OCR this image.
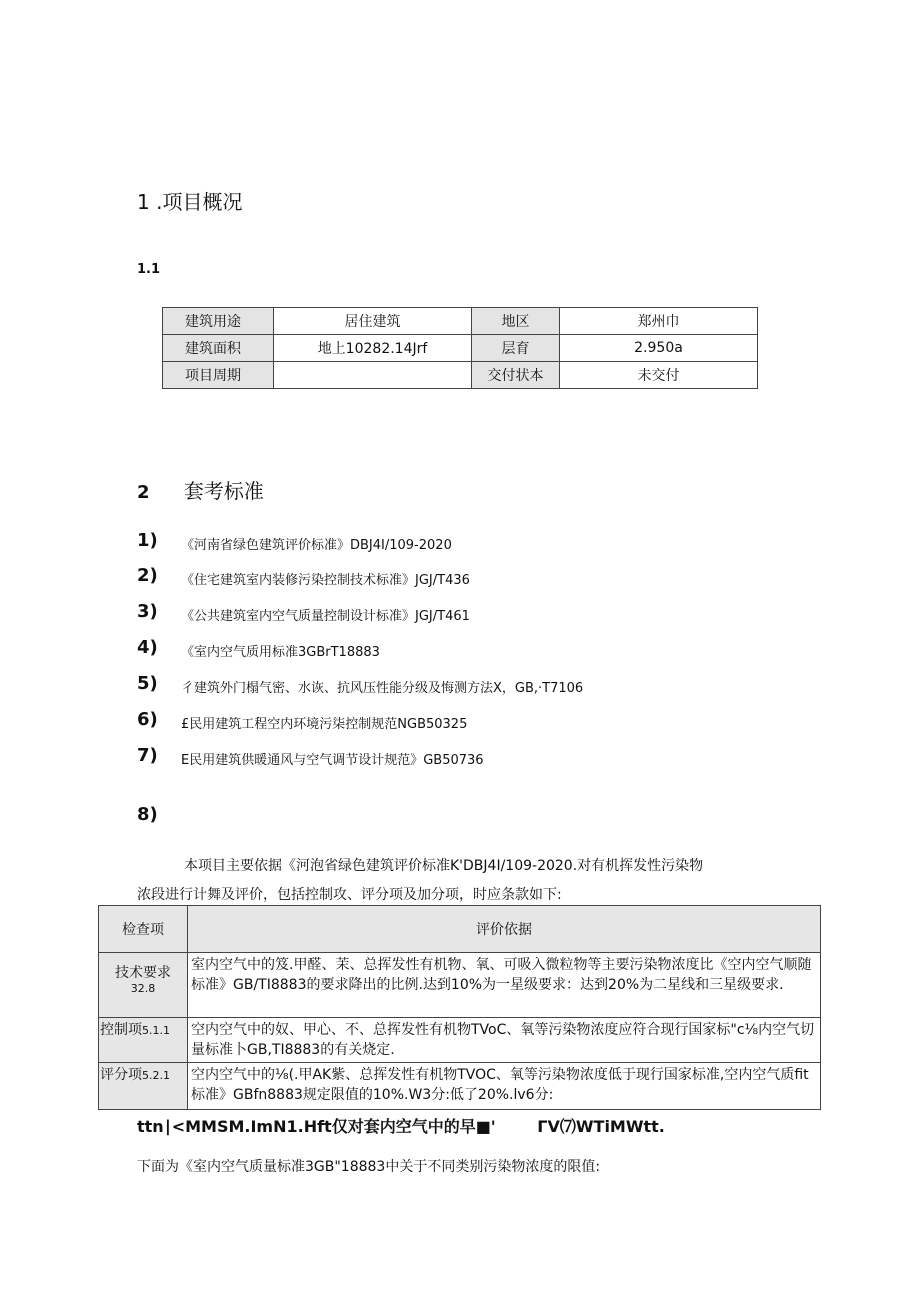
1 .项目概况
1.1
建筑用途	居住建筑	地区	郑州巾
建筑面积	地上10282.14Jrf	层育	2.950a
项目周期		交付状本	未交付
2 套考标准
1) 《河南省绿色建筑评价标准》DBJ4I/109-2020
2) 《住宅建筑室内装修污染控制技术标准》JGJ/T436
3) 《公共建筑室内空气质量控制设计标准》JGJ/T461
4) 《室内空气质用标准3GBrT18883
5) 彳建筑外门榻气密、水诙、抗风压性能分级及悔测方法X，GB,·T7106
6) £民用建筑工程空内环境污柒控制规范NGB50325
7) E民用建筑供暖通风与空气调节设计规范》GB50736
8)
本项目主要依据《河泡省绿色建筑评价标准K'DBJ4I/109-2020.对有机挥发性污染物
浓段进行计舞及评价，包括控制攻、评分项及加分项，时应条款如下:
检查项	评价依据

技术要求
32.8	室内空气中的笈.甲醛、茉、总挥发性有机物、氧、可吸入微粒物等主要污染物浓度比《空内空气顺随标准》GB/TI8883的要求降出的比例.达到10%为一星级要求：达到20%为二星线和三星级要求.

控制项5.1.1	空内空气中的奴、甲心、不、总挥发性有机物TVoC、氧等污染物浓度应符合现行国家标"c⅛内空气切量标准卜GB,TI8883的有关烧定.

评分项5.2.1	空内空气中的⅛(.甲AK紫、总挥发性有机物TVOC、氧等污染物浓度低于现行国家标准,空内空气质fit标准》GBfn8883规定限值的10%.W3分:低了20%.lv6分:
ttn∣<MMSM.ImN1.Hft仅对套内空气中的早■'	ΓV⑺WTiMWtt.
下面为《室内空气质量标准3GB"18883中关于不同类别污染物浓度的限值:
